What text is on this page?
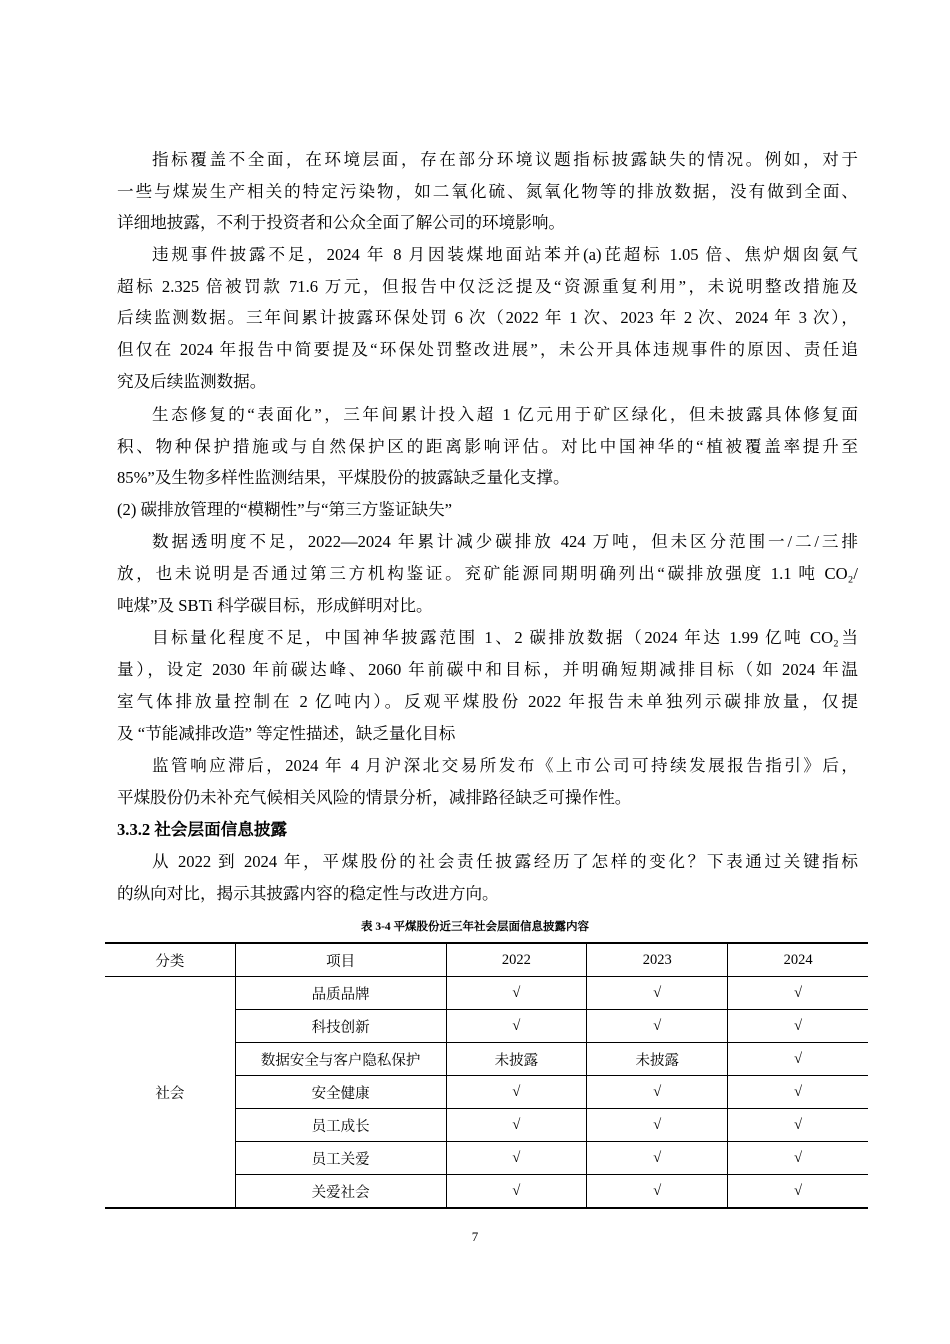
指标覆盖不全面，在环境层面，存在部分环境议题指标披露缺失的情况。例如，对于
一些与煤炭生产相关的特定污染物，如二氧化硫、氮氧化物等的排放数据，没有做到全面、
详细地披露，不利于投资者和公众全面了解公司的环境影响。
违规事件披露不足，2024 年 8 月因装煤地面站苯并(a)芘超标 1.05 倍、焦炉烟囱氨气
超标 2.325 倍被罚款 71.6 万元，但报告中仅泛泛提及“资源重复利用”，未说明整改措施及
后续监测数据。三年间累计披露环保处罚 6 次（2022 年 1 次、2023 年 2 次、2024 年 3 次），
但仅在 2024 年报告中简要提及“环保处罚整改进展”，未公开具体违规事件的原因、责任追
究及后续监测数据。
生态修复的“表面化”，三年间累计投入超 1 亿元用于矿区绿化，但未披露具体修复面
积、物种保护措施或与自然保护区的距离影响评估。对比中国神华的“植被覆盖率提升至
85%”及生物多样性监测结果，平煤股份的披露缺乏量化支撑。
(2) 碳排放管理的“模糊性”与“第三方鉴证缺失”
数据透明度不足，2022—2024 年累计减少碳排放 424 万吨，但未区分范围一/二/三排
放，也未说明是否通过第三方机构鉴证。兖矿能源同期明确列出“碳排放强度 1.1 吨 CO₂/
吨煤”及 SBTi 科学碳目标，形成鲜明对比。
目标量化程度不足，中国神华披露范围 1、2 碳排放数据（2024 年达 1.99 亿吨 CO₂当
量），设定 2030 年前碳达峰、2060 年前碳中和目标，并明确短期减排目标（如 2024 年温
室气体排放量控制在 2 亿吨内）。反观平煤股份 2022 年报告未单独列示碳排放量，仅提
及 “节能减排改造” 等定性描述，缺乏量化目标
监管响应滞后，2024 年 4 月沪深北交易所发布《上市公司可持续发展报告指引》后，
平煤股份仍未补充气候相关风险的情景分析，减排路径缺乏可操作性。
3.3.2 社会层面信息披露
从 2022 到 2024 年，平煤股份的社会责任披露经历了怎样的变化？下表通过关键指标
的纵向对比，揭示其披露内容的稳定性与改进方向。
表 3-4 平煤股份近三年社会层面信息披露内容
分类	项目	2022	2023	2024
社会	品质品牌	√	√	√
	科技创新	√	√	√
	数据安全与客户隐私保护	未披露	未披露	√
	安全健康	√	√	√
	员工成长	√	√	√
	员工关爱	√	√	√
	关爱社会	√	√	√
7
